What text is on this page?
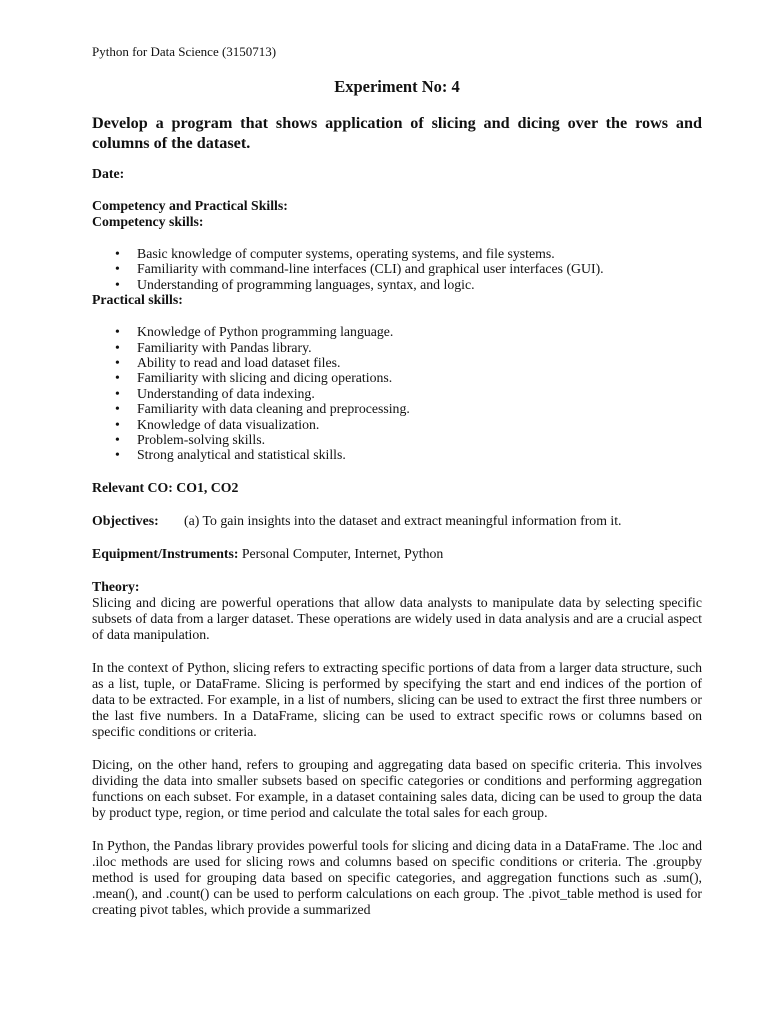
Python for Data Science (3150713)
Experiment No: 4
Develop a program that shows application of slicing and dicing over the rows and columns of the dataset.
Date:
Competency and Practical Skills:
Competency skills:
• Basic knowledge of computer systems, operating systems, and file systems.
• Familiarity with command-line interfaces (CLI) and graphical user interfaces (GUI).
• Understanding of programming languages, syntax, and logic.
Practical skills:
• Knowledge of Python programming language.
• Familiarity with Pandas library.
• Ability to read and load dataset files.
• Familiarity with slicing and dicing operations.
• Understanding of data indexing.
• Familiarity with data cleaning and preprocessing.
• Knowledge of data visualization.
• Problem-solving skills.
• Strong analytical and statistical skills.
Relevant CO: CO1, CO2
Objectives:	(a) To gain insights into the dataset and extract meaningful information from it.
Equipment/Instruments: Personal Computer, Internet, Python
Theory:
Slicing and dicing are powerful operations that allow data analysts to manipulate data by selecting specific subsets of data from a larger dataset. These operations are widely used in data analysis and are a crucial aspect of data manipulation.
In the context of Python, slicing refers to extracting specific portions of data from a larger data structure, such as a list, tuple, or DataFrame. Slicing is performed by specifying the start and end indices of the portion of data to be extracted. For example, in a list of numbers, slicing can be used to extract the first three numbers or the last five numbers. In a DataFrame, slicing can be used to extract specific rows or columns based on specific conditions or criteria.
Dicing, on the other hand, refers to grouping and aggregating data based on specific criteria. This involves dividing the data into smaller subsets based on specific categories or conditions and performing aggregation functions on each subset. For example, in a dataset containing sales data, dicing can be used to group the data by product type, region, or time period and calculate the total sales for each group.
In Python, the Pandas library provides powerful tools for slicing and dicing data in a DataFrame. The .loc and .iloc methods are used for slicing rows and columns based on specific conditions or criteria. The .groupby method is used for grouping data based on specific categories, and aggregation functions such as .sum(), .mean(), and .count() can be used to perform calculations on each group. The .pivot_table method is used for creating pivot tables, which provide a summarized
